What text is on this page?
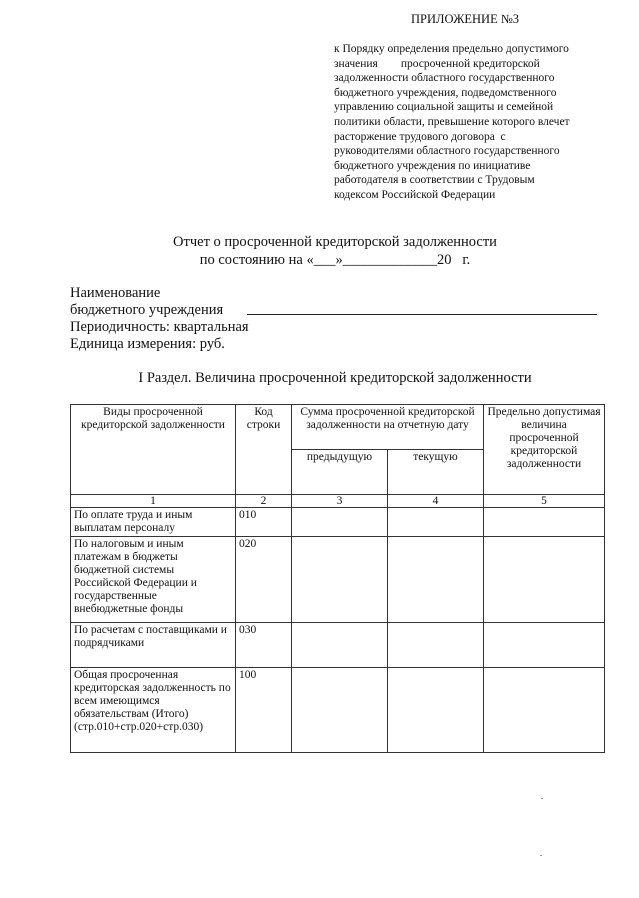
ПРИЛОЖЕНИЕ №3
к Порядку определения предельно допустимого
значения        просроченной кредиторской
задолженности областного государственного
бюджетного учреждения, подведомственного
управлению социальной защиты и семейной
политики области, превышение которого влечет
расторжение трудового договора  с
руководителями областного государственного
бюджетного учреждения по инициативе
работодателя в соответствии с Трудовым
кодексом Российской Федерации
Отчет о просроченной кредиторской задолженности
по состоянию на «___»_____________20   г.
Наименование
бюджетного учреждения
Периодичность: квартальная
Единица измерения: руб.
I Раздел. Величина просроченной кредиторской задолженности
Виды просроченной кредиторской задолженности	Код строки	Сумма просроченной кредиторской задолженности на отчетную дату		Предельно допустимая величина просроченной кредиторской задолженности
		предыдущую	текущую	
1	2	3	4	5
По оплате труда и иным выплатам персоналу	010			
По налоговым и иным платежам в бюджеты бюджетной системы Российской Федерации и государственные внебюджетные фонды	020			
По расчетам с поставщиками и подрядчиками	030			
Общая просроченная кредиторская задолженность по всем имеющимся обязательствам (Итого) (стр.010+стр.020+стр.030)	100			
